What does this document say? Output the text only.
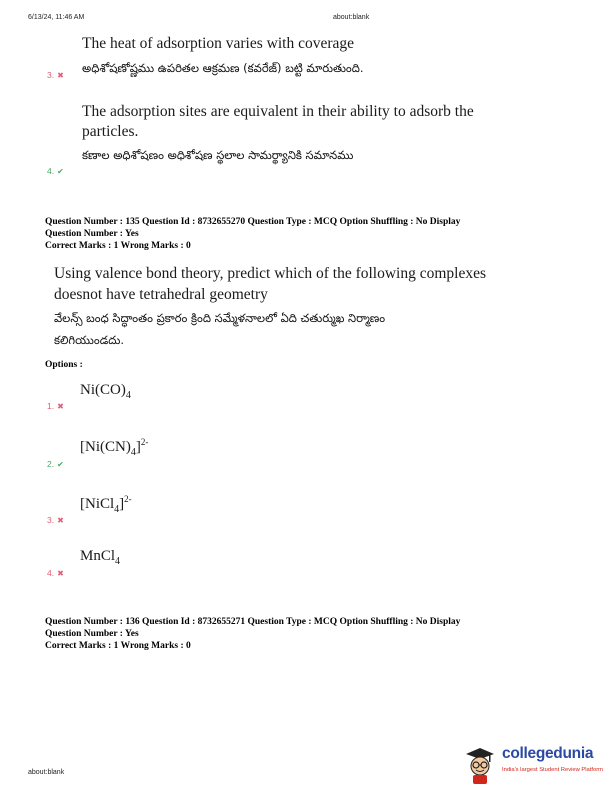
6/13/24, 11:46 AM	about:blank
The heat of adsorption varies with coverage
అధిశోషణోష్ణము ఉపరితల ఆక్రమణ (కవరేజ్) బట్టి మారుతుంది.
3. ✖
The adsorption sites are equivalent in their ability to adsorb the
particles.
కణాల అధిశోషణం అధిశోషణ స్థలాల సామర్థ్యానికి సమానము
4. ✔
Question Number : 135 Question Id : 8732655270 Question Type : MCQ Option Shuffling : No Display
Question Number : Yes
Correct Marks : 1 Wrong Marks : 0
Using valence bond theory, predict which of the following complexes
doesnot have tetrahedral geometry
వేలన్స్ బంధ సిద్ధాంతం ప్రకారం క్రింది సమ్మేళనాలలో ఏది చతుర్ముఖ నిర్మాణం
కలిగియుండదు.
Options :
$Ni(CO)_4$
1. ✖
$[Ni(CN)_4]^{2-}$
2. ✔
[NiCl$_4$]$^{2-}$
3. ✖
MnCl$_4$
4. ✖
Question Number : 136 Question Id : 8732655271 Question Type : MCQ Option Shuffling : No Display
Question Number : Yes
Correct Marks : 1 Wrong Marks : 0
about:blank
collegedunia
India's largest Student Review Platform
